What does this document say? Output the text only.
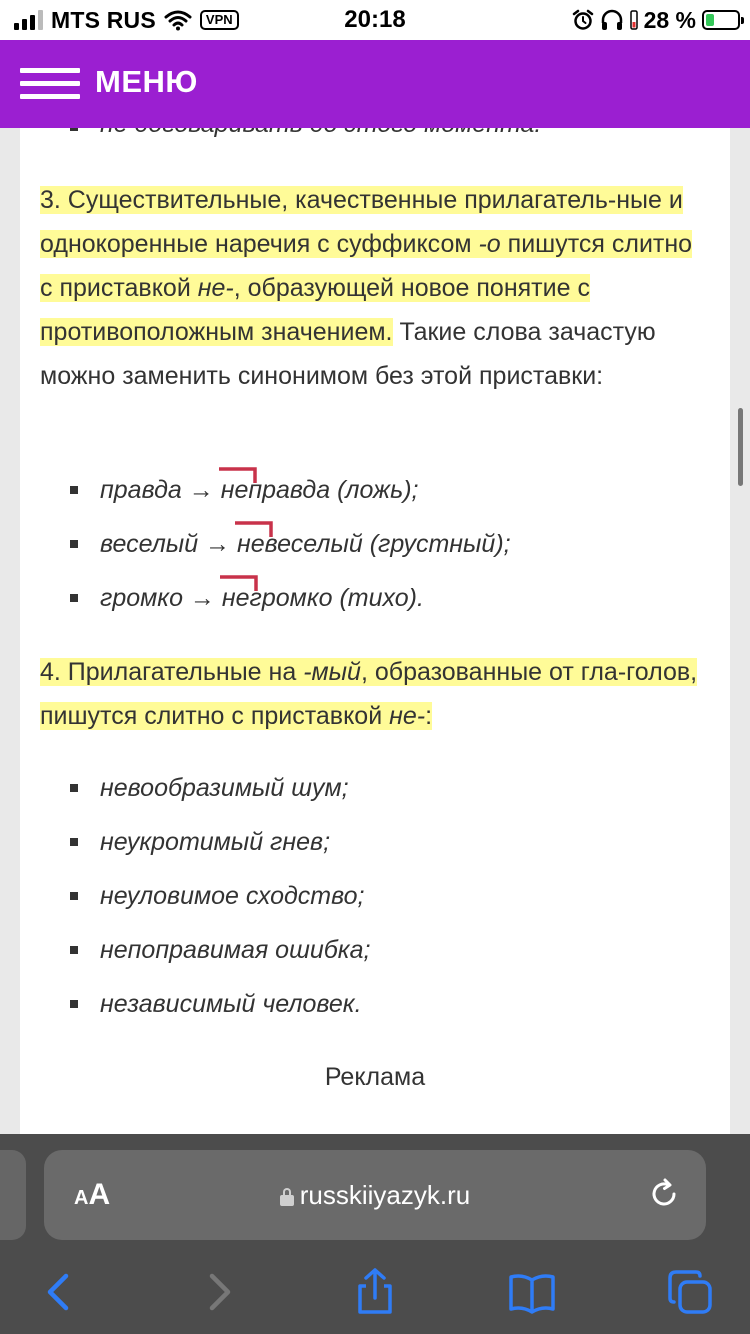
MTS RUS	VPN	20:18	28 %
МЕНЮ
3. Существительные, качественные прилагатель-ные и однокоренные наречия с суффиксом -о пишутся слитно с приставкой не-, образующей новое понятие с противоположным значением. Такие слова зачастую можно заменить синонимом без этой приставки:
правда → не
правда (ложь);
веселый → не
веселый (грустный);
громко → не
громко (тихо).
4. Прилагательные на -мый, образованные от гла-голов, пишутся слитно с приставкой не-:
невообразимый шум;
неукротимый гнев;
неуловимое сходство;
непоправимая ошибка;
независимый человек.
Реклама
AA	russkiiyazyk.ru
